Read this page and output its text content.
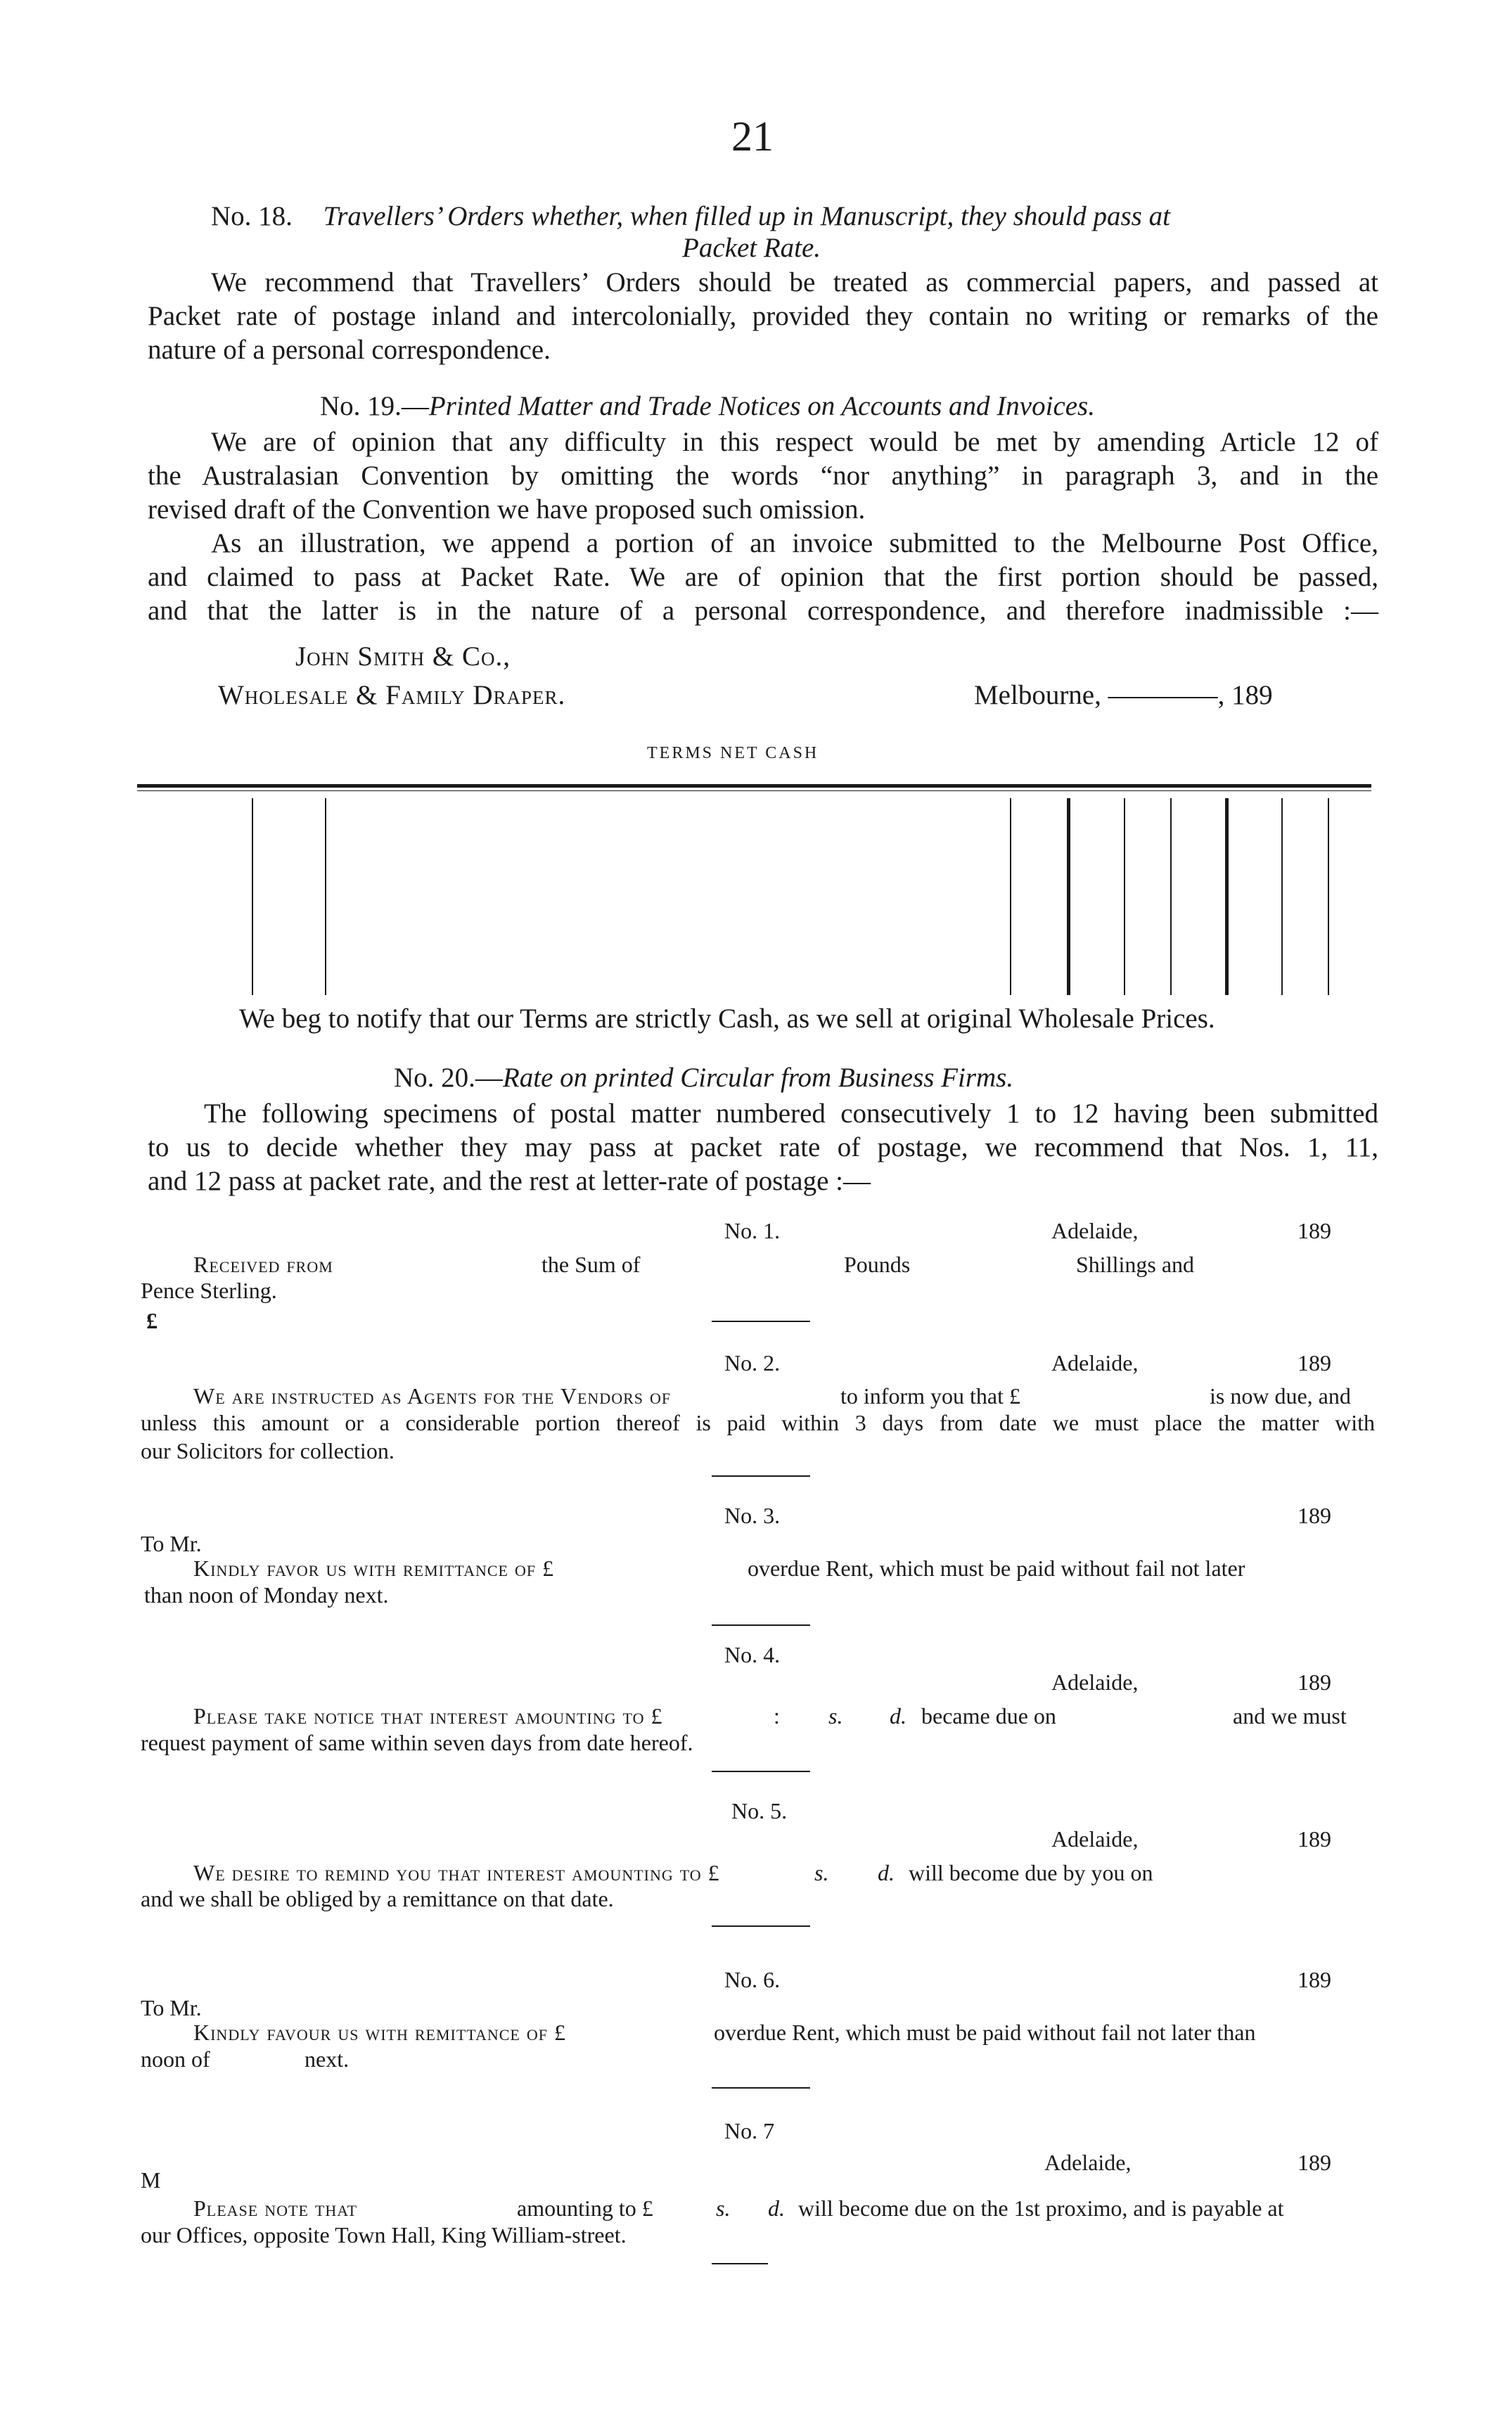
21
No. 18. Travellers’ Orders whether, when filled up in Manuscript, they should pass at
Packet Rate.

We recommend that Travellers’ Orders should be treated as commercial papers, and passed at

Packet rate of postage inland and intercolonially, provided they contain no writing or remarks of the

nature of a personal correspondence.

No. 19.—Printed Matter and Trade Notices on Accounts and Invoices.

We are of opinion that any difficulty in this respect would be met by amending Article 12 of

the Australasian Convention by omitting the words “nor anything” in paragraph 3, and in the

revised draft of the Convention we have proposed such omission.

As an illustration, we append a portion of an invoice submitted to the Melbourne Post Office,

and claimed to pass at Packet Rate. We are of opinion that the first portion should be passed,

and that the latter is in the nature of a personal correspondence, and therefore inadmissible :—

John Smith & Co.,
Wholesale & Family Draper.	Melbourne, ————, 189
TERMS NET CASH
We beg to notify that our Terms are strictly Cash, as we sell at original Wholesale Prices.
No. 20.—Rate on printed Circular from Business Firms.

The following specimens of postal matter numbered consecutively 1 to 12 having been submitted

to us to decide whether they may pass at packet rate of postage, we recommend that Nos. 1, 11,

and 12 pass at packet rate, and the rest at letter-rate of postage :—

No. 1.	Adelaide,	189
Received from	the Sum of	Pounds	Shillings and
Pence Sterling.
£
No. 2.	Adelaide,	189
We are instructed as Agents for the Vendors of	to inform you that £	is now due, and

unless this amount or a considerable portion thereof is paid within 3 days from date we must place the matter with

our Solicitors for collection.

No. 3.	189
To Mr.
Kindly favor us with remittance of £	overdue Rent, which must be paid without fail not later
than noon of Monday next.
No. 4.
Adelaide,	189
Please take notice that interest amounting to £	: s. d. became due on	and we must
request payment of same within seven days from date hereof.
No. 5.
Adelaide,	189
We desire to remind you that interest amounting to £	s. d. will become due by you on
and we shall be obliged by a remittance on that date.
No. 6.	189
To Mr.
Kindly favour us with remittance of £	overdue Rent, which must be paid without fail not later than
noon of	next.
No. 7
Adelaide,	189
M
Please note that	amounting to £	s. d. will become due on the 1st proximo, and is payable at
our Offices, opposite Town Hall, King William-street.
